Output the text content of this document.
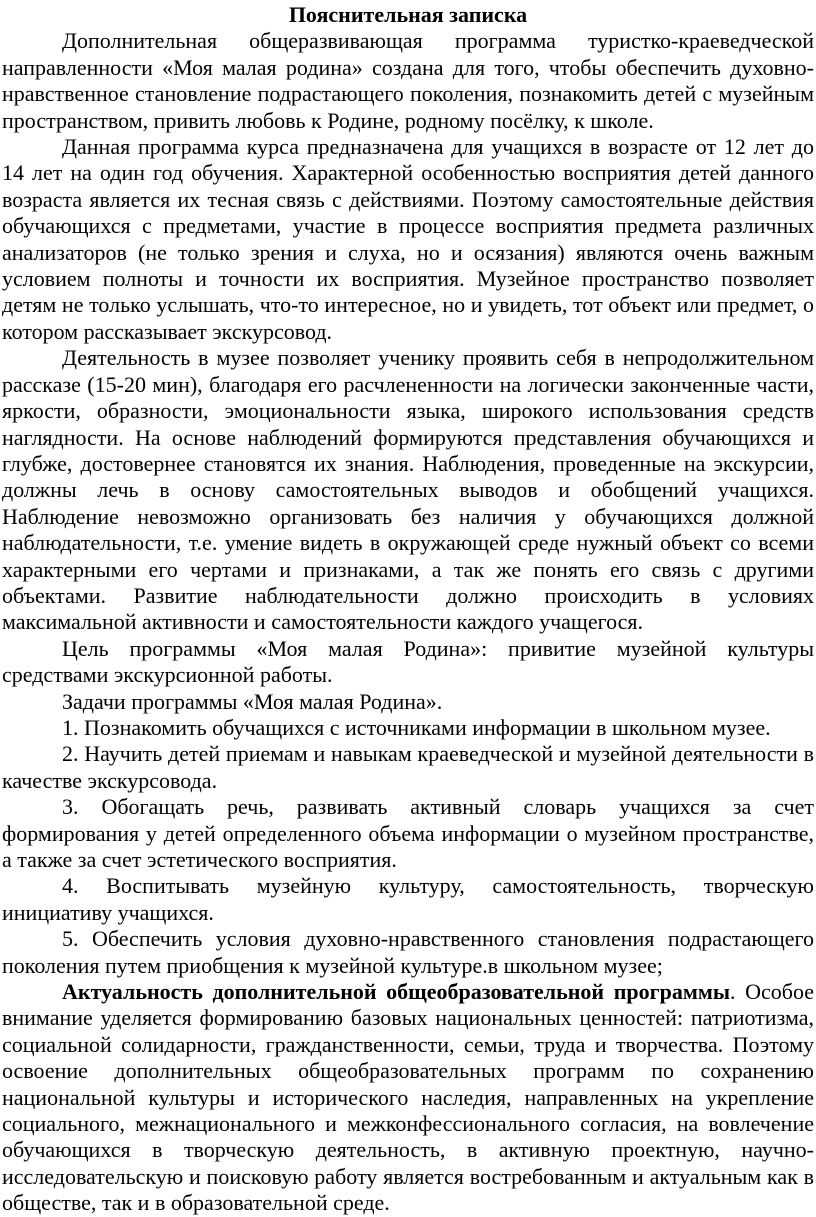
Пояснительная записка

Дополнительная общеразвивающая программа туристко-краеведческой направленности «Моя малая родина» создана для того, чтобы обеспечить духовно-нравственное становление подрастающего поколения, познакомить детей с музейным пространством, привить любовь к Родине, родному посёлку, к школе.

Данная программа курса предназначена для учащихся в возрасте от 12 лет до 14 лет на один год обучения. Характерной особенностью восприятия детей данного возраста является их тесная связь с действиями. Поэтому самостоятельные действия обучающихся с предметами, участие в процессе восприятия предмета различных анализаторов (не только зрения и слуха, но и осязания) являются очень важным условием полноты и точности их восприятия. Музейное пространство позволяет детям не только услышать, что-то интересное, но и увидеть, тот объект или предмет, о котором рассказывает экскурсовод.

Деятельность в музее позволяет ученику проявить себя в непродолжительном рассказе (15-20 мин), благодаря его расчлененности на логически законченные части, яркости, образности, эмоциональности языка, широкого использования средств наглядности. На основе наблюдений формируются представления обучающихся и глубже, достовернее становятся их знания. Наблюдения, проведенные на экскурсии, должны лечь в основу самостоятельных выводов и обобщений учащихся. Наблюдение невозможно организовать без наличия у обучающихся должной наблюдательности, т.е. умение видеть в окружающей среде нужный объект со всеми характерными его чертами и признаками, а так же понять его связь с другими объектами. Развитие наблюдательности должно происходить в условиях максимальной активности и самостоятельности каждого учащегося.

Цель программы «Моя малая Родина»: привитие музейной культуры средствами экскурсионной работы.

Задачи программы «Моя малая Родина».

1. Познакомить обучащихся с источниками информации в школьном музее.

2. Научить детей приемам и навыкам краеведческой и музейной деятельности в качестве экскурсовода.

3. Обогащать речь, развивать активный словарь учащихся за счет формирования у детей определенного объема информации о музейном пространстве, а также за счет эстетического восприятия.

4. Воспитывать музейную культуру, самостоятельность, творческую инициативу учащихся.

5. Обеспечить условия духовно-нравственного становления подрастающего поколения путем приобщения к музейной культуре.в школьном музее;

Актуальность дополнительной общеобразовательной программы. Особое внимание уделяется формированию базовых национальных ценностей: патриотизма, социальной солидарности, гражданственности, семьи, труда и творчества. Поэтому освоение дополнительных общеобразовательных программ по сохранению национальной культуры и исторического наследия, направленных на укрепление социального, межнационального и межконфессионального согласия, на вовлечение обучающихся в творческую деятельность, в активную проектную, научно-исследовательскую и поисковую работу является востребованным и актуальным как в обществе, так и в образовательной среде.
